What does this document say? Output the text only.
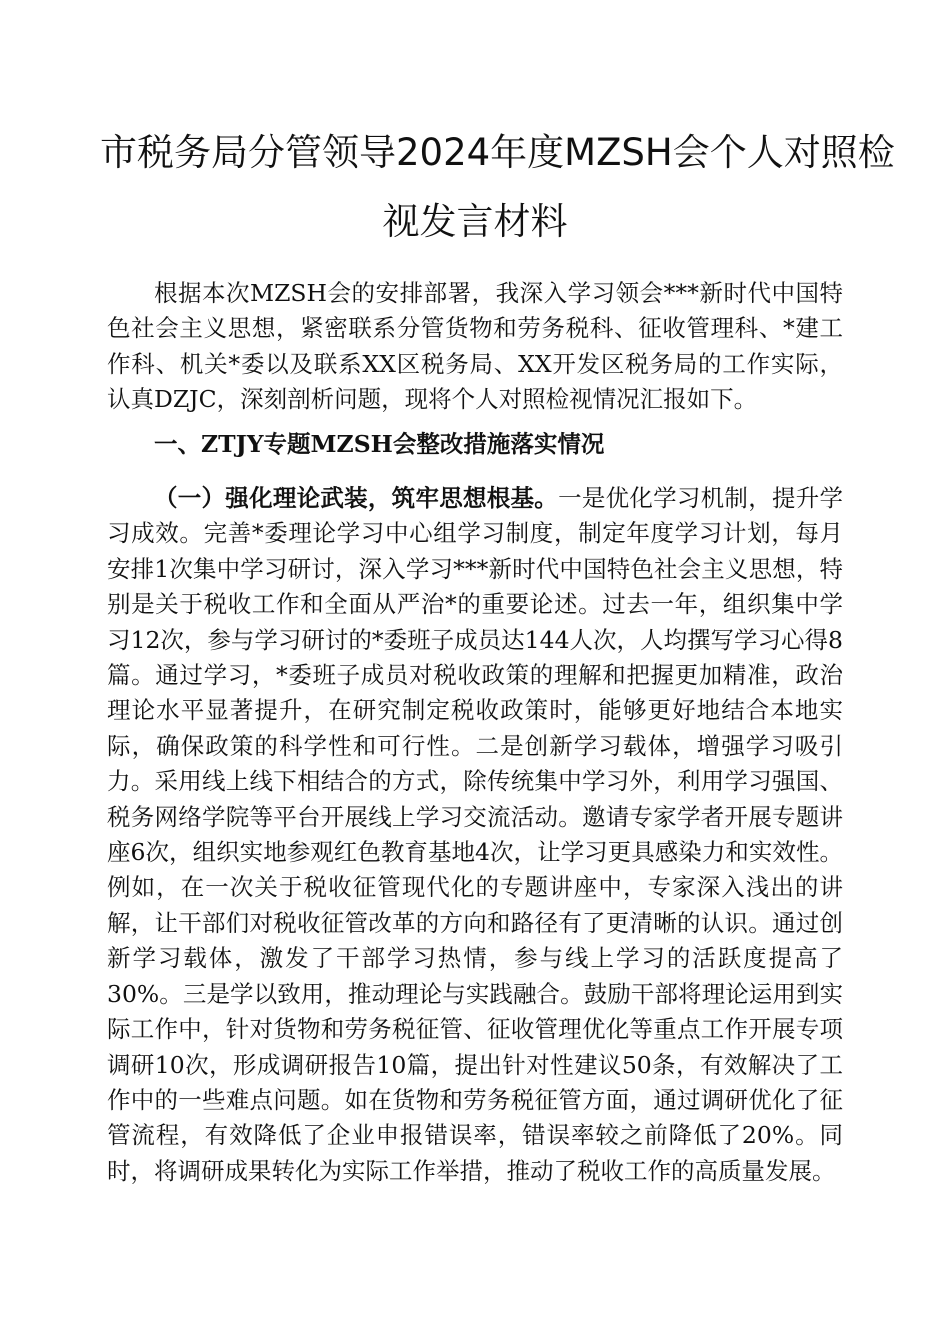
市税务局分管领导2024年度MZSH会个人对照检
视发言材料

根据本次MZSH会的安排部署，我深入学习领会***新时代中国特色社会主义思想，紧密联系分管货物和劳务税科、征收管理科、*建工作科、机关*委以及联系XX区税务局、XX开发区税务局的工作实际，认真DZJC，深刻剖析问题，现将个人对照检视情况汇报如下。

一、ZTJY专题MZSH会整改措施落实情况

（一）强化理论武装，筑牢思想根基。一是优化学习机制，提升学习成效。完善*委理论学习中心组学习制度，制定年度学习计划，每月安排1次集中学习研讨，深入学习***新时代中国特色社会主义思想，特别是关于税收工作和全面从严治*的重要论述。过去一年，组织集中学习12次，参与学习研讨的*委班子成员达144人次，人均撰写学习心得8篇。通过学习，*委班子成员对税收政策的理解和把握更加精准，政治理论水平显著提升，在研究制定税收政策时，能够更好地结合本地实际，确保政策的科学性和可行性。二是创新学习载体，增强学习吸引力。采用线上线下相结合的方式，除传统集中学习外，利用学习强国、税务网络学院等平台开展线上学习交流活动。邀请专家学者开展专题讲座6次，组织实地参观红色教育基地4次，让学习更具感染力和实效性。例如，在一次关于税收征管现代化的专题讲座中，专家深入浅出的讲解，让干部们对税收征管改革的方向和路径有了更清晰的认识。通过创新学习载体，激发了干部学习热情，参与线上学习的活跃度提高了30%。三是学以致用，推动理论与实践融合。鼓励干部将理论运用到实际工作中，针对货物和劳务税征管、征收管理优化等重点工作开展专项调研10次，形成调研报告10篇，提出针对性建议50条，有效解决了工作中的一些难点问题。如在货物和劳务税征管方面，通过调研优化了征管流程，有效降低了企业申报错误率，错误率较之前降低了20%。同时，将调研成果转化为实际工作举措，推动了税收工作的高质量发展。
